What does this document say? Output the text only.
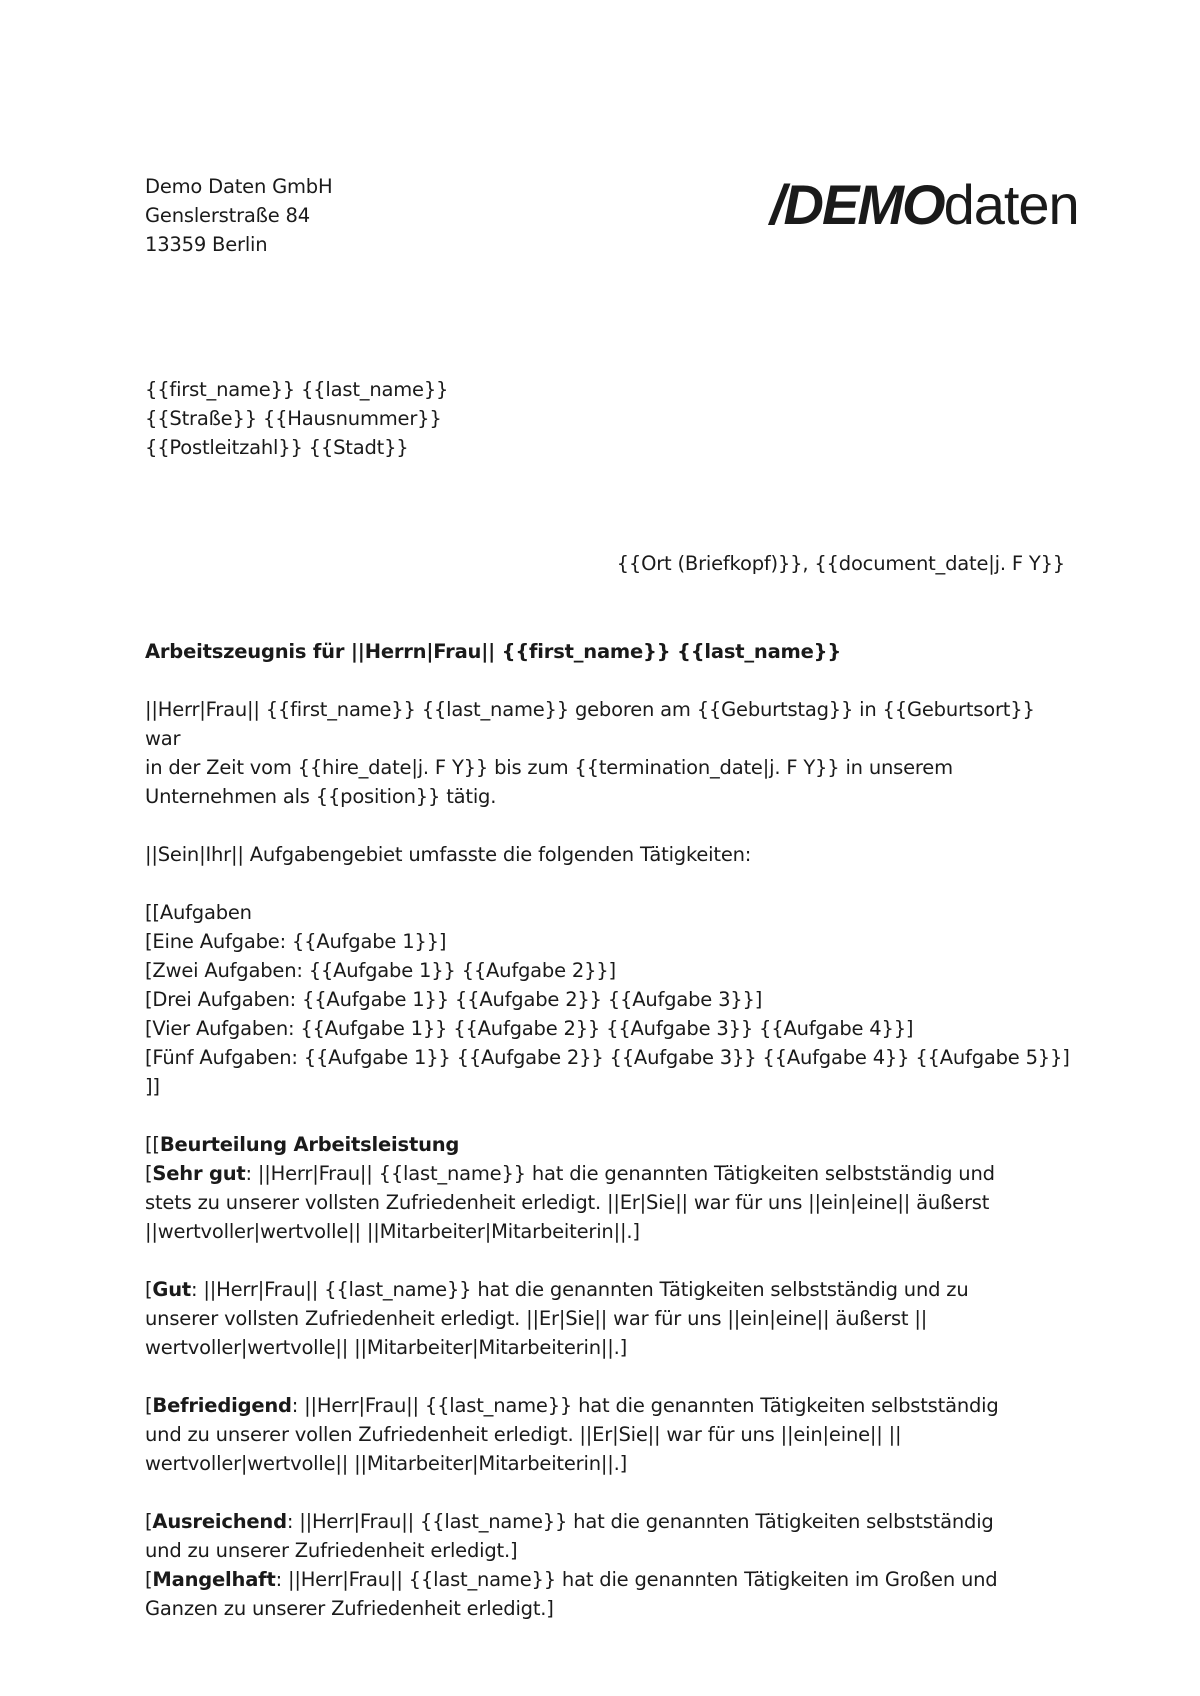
Demo Daten GmbH
Genslerstraße 84
13359 Berlin
/DEMOdaten
{{first_name}} {{last_name}}
{{Straße}} {{Hausnummer}}
{{Postleitzahl}} {{Stadt}}
{{Ort (Briefkopf)}}, {{document_date|j. F Y}}

Arbeitszeugnis für ||Herrn|Frau|| {{first_name}} {{last_name}}

||Herr|Frau|| {{first_name}} {{last_name}} geboren am {{Geburtstag}} in {{Geburtsort}} war

in der Zeit vom {{hire_date|j. F Y}} bis zum {{termination_date|j. F Y}} in unserem

Unternehmen als {{position}} tätig.

||Sein|Ihr|| Aufgabengebiet umfasste die folgenden Tätigkeiten:

[[Aufgaben

[Eine Aufgabe: {{Aufgabe 1}}]

[Zwei Aufgaben: {{Aufgabe 1}} {{Aufgabe 2}}]

[Drei Aufgaben: {{Aufgabe 1}} {{Aufgabe 2}} {{Aufgabe 3}}]

[Vier Aufgaben: {{Aufgabe 1}} {{Aufgabe 2}} {{Aufgabe 3}} {{Aufgabe 4}}]

[Fünf Aufgaben: {{Aufgabe 1}} {{Aufgabe 2}} {{Aufgabe 3}} {{Aufgabe 4}} {{Aufgabe 5}}]

]]

[[Beurteilung Arbeitsleistung

[Sehr gut: ||Herr|Frau|| {{last_name}} hat die genannten Tätigkeiten selbstständig und

stets zu unserer vollsten Zufriedenheit erledigt. ||Er|Sie|| war für uns ||ein|eine|| äußerst

||wertvoller|wertvolle|| ||Mitarbeiter|Mitarbeiterin||.]

[Gut: ||Herr|Frau|| {{last_name}} hat die genannten Tätigkeiten selbstständig und zu

unserer vollsten Zufriedenheit erledigt. ||Er|Sie|| war für uns ||ein|eine|| äußerst ||

wertvoller|wertvolle|| ||Mitarbeiter|Mitarbeiterin||.]

[Befriedigend: ||Herr|Frau|| {{last_name}} hat die genannten Tätigkeiten selbstständig

und zu unserer vollen Zufriedenheit erledigt. ||Er|Sie|| war für uns ||ein|eine|| ||

wertvoller|wertvolle|| ||Mitarbeiter|Mitarbeiterin||.]

[Ausreichend: ||Herr|Frau|| {{last_name}} hat die genannten Tätigkeiten selbstständig

und zu unserer Zufriedenheit erledigt.]

[Mangelhaft: ||Herr|Frau|| {{last_name}} hat die genannten Tätigkeiten im Großen und

Ganzen zu unserer Zufriedenheit erledigt.]
